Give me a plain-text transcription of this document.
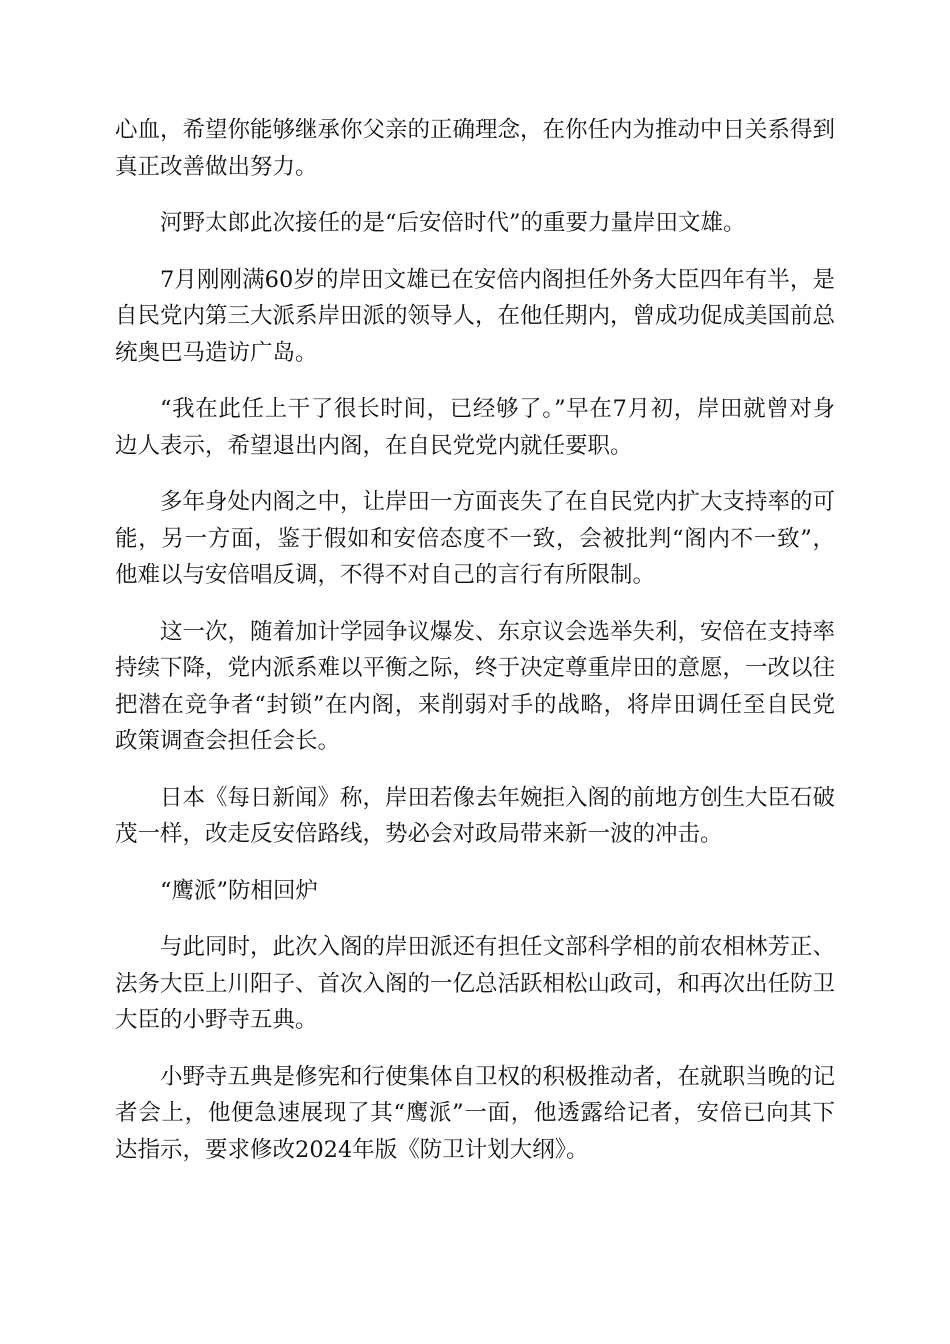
心血，希望你能够继承你父亲的正确理念，在你任内为推动中日关系得到真正改善做出努力。

河野太郎此次接任的是“后安倍时代”的重要力量岸田文雄。

7月刚刚满60岁的岸田文雄已在安倍内阁担任外务大臣四年有半，是自民党内第三大派系岸田派的领导人，在他任期内，曾成功促成美国前总统奥巴马造访广岛。

“我在此任上干了很长时间，已经够了。”早在7月初，岸田就曾对身边人表示，希望退出内阁，在自民党党内就任要职。

多年身处内阁之中，让岸田一方面丧失了在自民党内扩大支持率的可能，另一方面，鉴于假如和安倍态度不一致，会被批判“阁内不一致”，他难以与安倍唱反调，不得不对自己的言行有所限制。

这一次，随着加计学园争议爆发、东京议会选举失利，安倍在支持率持续下降，党内派系难以平衡之际，终于决定尊重岸田的意愿，一改以往把潜在竞争者“封锁”在内阁，来削弱对手的战略，将岸田调任至自民党政策调查会担任会长。

日本《每日新闻》称，岸田若像去年婉拒入阁的前地方创生大臣石破茂一样，改走反安倍路线，势必会对政局带来新一波的冲击。

“鹰派”防相回炉

与此同时，此次入阁的岸田派还有担任文部科学相的前农相林芳正、法务大臣上川阳子、首次入阁的一亿总活跃相松山政司，和再次出任防卫大臣的小野寺五典。

小野寺五典是修宪和行使集体自卫权的积极推动者，在就职当晚的记者会上，他便急速展现了其“鹰派”一面，他透露给记者，安倍已向其下达指示，要求修改2024年版《防卫计划大纲》。
